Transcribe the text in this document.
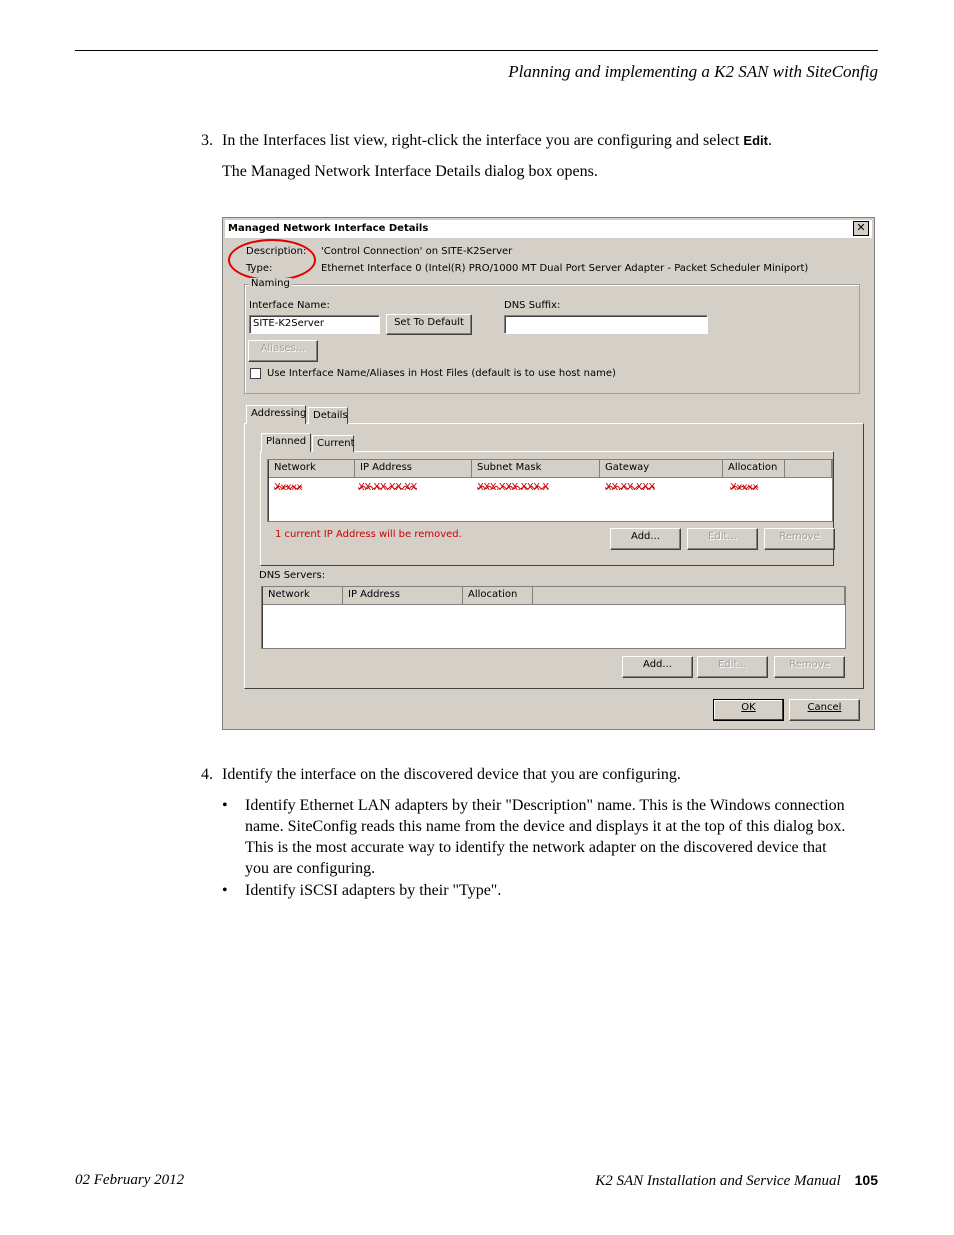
Planning and implementing a K2 SAN with SiteConfig
3. In the Interfaces list view, right-click the interface you are configuring and select Edit.
The Managed Network Interface Details dialog box opens.
Managed Network Interface Details	✕
Description: 'Control Connection' on SITE-K2Server
Type:	Ethernet Interface 0 (Intel(R) PRO/1000 MT Dual Port Server Adapter - Packet Scheduler Miniport)
Naming
Interface Name:
SITE-K2Server	Set To Default
DNS Suffix:
Aliases...
Use Interface Name/Aliases in Host Files (default is to use host name)
Addressing Details
Planned	Current
Network	IP Address	Subnet Mask	Gateway	Allocation
Xxxxx	XX.XX.XX.XX	XXX.XXX.XXX.X	XX.XX.XXX	Xxxxx
1 current IP Address will be removed.	Add...	Edit...	Remove
DNS Servers:
Network	IP Address	Allocation
Add...	Edit...	Remove
OK	Cancel
4. Identify the interface on the discovered device that you are configuring.
• Identify Ethernet LAN adapters by their "Description" name. This is the Windows connection
name. SiteConfig reads this name from the device and displays it at the top of this dialog box.
This is the most accurate way to identify the network adapter on the discovered device that
you are configuring.
• Identify iSCSI adapters by their "Type".
02 February 2012	K2 SAN Installation and Service Manual 105
